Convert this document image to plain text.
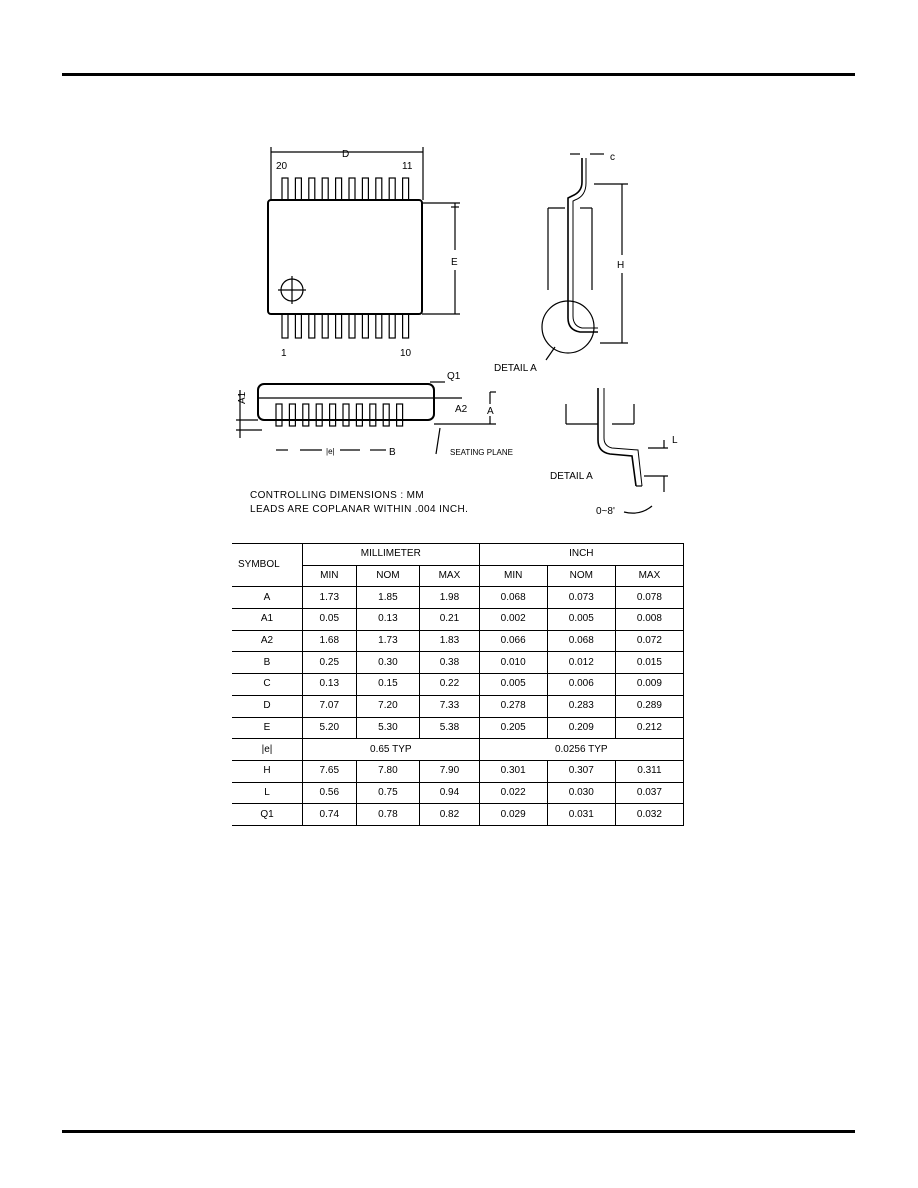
D
20	11
1	10
E
c
H
DETAIL A
A1
Q1
A2 A
|e|	B	SEATING PLANE
L
DETAIL A
0~8'
CONTROLLING DIMENSIONS : MM
LEADS ARE COPLANAR WITHIN .004 INCH.
SYMBOL	MILLIMETER			INCH		
	MIN	NOM	MAX	MIN	NOM	MAX
A	1.73	1.85	1.98	0.068	0.073	0.078
A1	0.05	0.13	0.21	0.002	0.005	0.008
A2	1.68	1.73	1.83	0.066	0.068	0.072
B	0.25	0.30	0.38	0.010	0.012	0.015
C	0.13	0.15	0.22	0.005	0.006	0.009
D	7.07	7.20	7.33	0.278	0.283	0.289
E	5.20	5.30	5.38	0.205	0.209	0.212
|e|	0.65 TYP			0.0256 TYP		
H	7.65	7.80	7.90	0.301	0.307	0.311
L	0.56	0.75	0.94	0.022	0.030	0.037
Q1	0.74	0.78	0.82	0.029	0.031	0.032
